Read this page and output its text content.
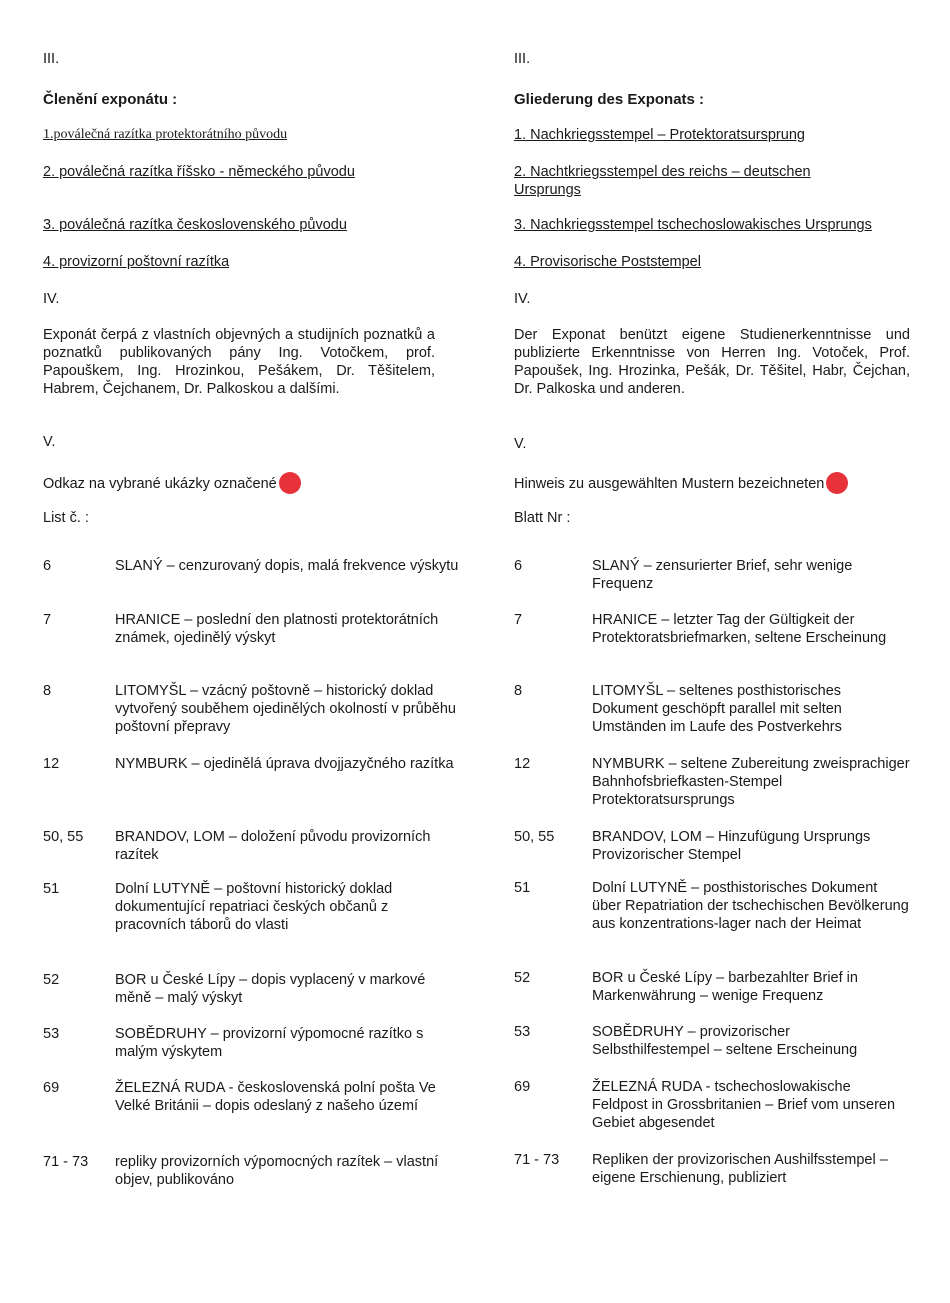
III.
Členění exponátu :
1.poválečná razítka protektorátního původu
2. poválečná razítka říšsko - německého původu
3. poválečná razítka československého původu
4. provizorní poštovní razítka
IV.
Exponát čerpá z vlastních objevných a studijních poznatků a poznatků publikovaných pány Ing. Votočkem, prof. Papouškem, Ing. Hrozinkou, Pešákem, Dr. Těšitelem, Habrem, Čejchanem, Dr. Palkoskou a dalšími.
V.
Odkaz na vybrané ukázky označené
List č. :
6	SLANÝ – cenzurovaný dopis, malá frekvence výskytu
7	HRANICE – poslední den platnosti protektorátních známek, ojedinělý výskyt
8	LITOMYŠL – vzácný poštovně – historický doklad vytvořený souběhem ojedinělých okolností v průběhu poštovní přepravy
12	NYMBURK – ojedinělá úprava dvojjazyčného razítka
50, 55	BRANDOV, LOM – doložení původu provizorních razítek
51	Dolní LUTYNĚ – poštovní historický doklad dokumentující repatriaci českých občanů z pracovních táborů do vlasti
52	BOR u České Lípy – dopis vyplacený v markové měně – malý výskyt
53	SOBĚDRUHY – provizorní výpomocné razítko s malým výskytem
69	ŽELEZNÁ RUDA - československá polní pošta Ve Velké Británii – dopis odeslaný z našeho území
71 - 73	repliky provizorních výpomocných razítek – vlastní objev, publikováno
III.
Gliederung des Exponats :
1. Nachkriegsstempel – Protektoratsursprung
2. Nachtkriegsstempel des reichs – deutschen Ursprungs
3. Nachkriegsstempel tschechoslowakisches Ursprungs
4. Provisorische Poststempel
IV.
Der Exponat benützt eigene Studienerkenntnisse und publizierte Erkenntnisse von Herren Ing. Votoček, Prof. Papoušek, Ing. Hrozinka, Pešák, Dr. Těšitel, Habr, Čejchan, Dr. Palkoska und anderen.
V.
Hinweis zu ausgewählten Mustern bezeichneten
Blatt Nr :
6	SLANÝ – zensurierter Brief, sehr wenige Frequenz
7	HRANICE – letzter Tag der Gültigkeit der Protektoratsbriefmarken, seltene Erscheinung
8	LITOMYŠL – seltenes posthistorisches Dokument geschöpft parallel mit selten Umständen im Laufe des Postverkehrs
12	NYMBURK – seltene Zubereitung zweisprachiger Bahnhofsbriefkasten-Stempel Protektoratsursprungs
50, 55	BRANDOV, LOM – Hinzufügung Ursprungs Provizorischer Stempel
51	Dolní LUTYNĚ – posthistorisches Dokument über Repatriation der tschechischen Bevölkerung aus konzentrations-lager nach der Heimat
52	BOR u České Lípy – barbezahlter Brief in Markenwährung – wenige Frequenz
53	SOBĚDRUHY – provizorischer Selbsthilfestempel – seltene Erscheinung
69	ŽELEZNÁ RUDA - tschechoslowakische Feldpost in Grossbritanien – Brief vom unseren Gebiet abgesendet
71 - 73	Repliken der provizorischen Aushilfsstempel – eigene Erschienung, publiziert
